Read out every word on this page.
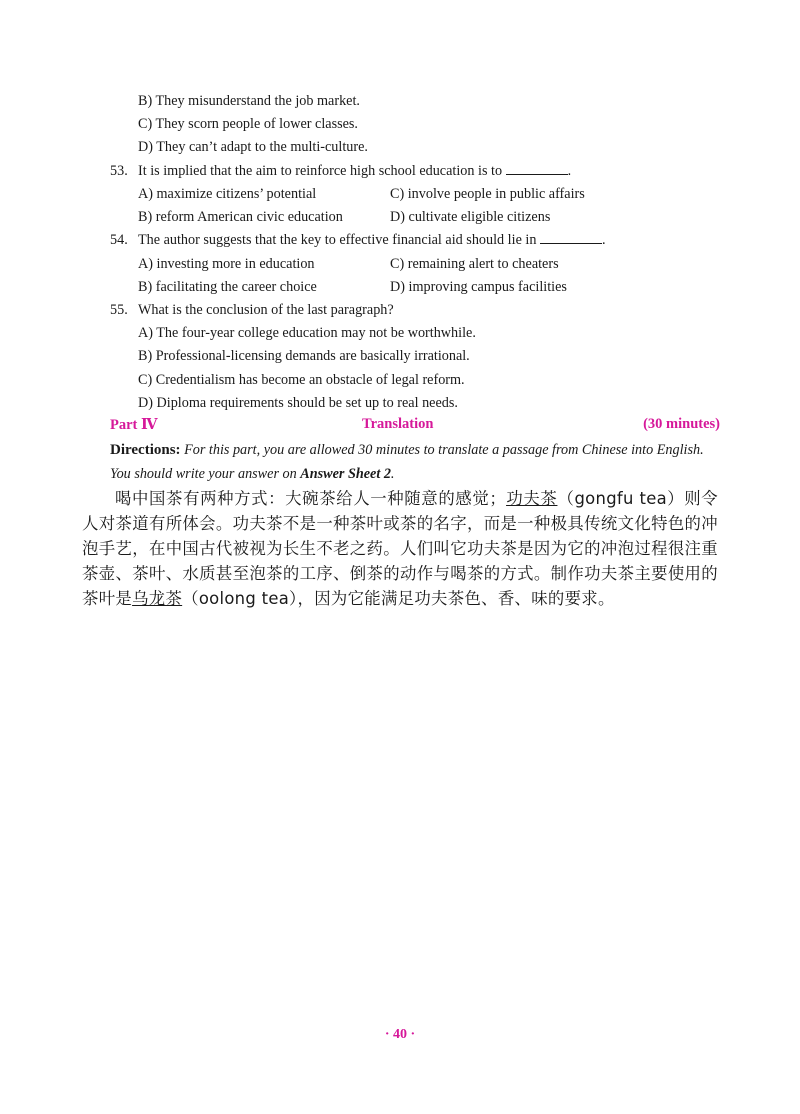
B) They misunderstand the job market.
C) They scorn people of lower classes.
D) They can’t adapt to the multi-culture.
53. It is implied that the aim to reinforce high school education is to	.
A) maximize citizens’ potential	C) involve people in public affairs
B) reform American civic education	D) cultivate eligible citizens
54. The author suggests that the key to effective financial aid should lie in	.
A) investing more in education	C) remaining alert to cheaters
B) facilitating the career choice	D) improving campus facilities
55. What is the conclusion of the last paragraph?
A) The four-year college education may not be worthwhile.
B) Professional-licensing demands are basically irrational.
C) Credentialism has become an obstacle of legal reform.
D) Diploma requirements should be set up to real needs.
Part Ⅳ	Translation	(30 minutes)
Directions: For this part, you are allowed 30 minutes to translate a passage from Chinese into English. You should write your answer on Answer Sheet 2.

喝中国茶有两种方式：大碗茶给人一种随意的感觉；功夫茶（gongfu tea）则令人对茶道有所体会。功夫茶不是一种茶叶或茶的名字，而是一种极具传统文化特色的冲泡手艺，在中国古代被视为长生不老之药。人们叫它功夫茶是因为它的冲泡过程很注重茶壶、茶叶、水质甚至泡茶的工序、倒茶的动作与喝茶的方式。制作功夫茶主要使用的茶叶是乌龙茶（oolong tea），因为它能满足功夫茶色、香、味的要求。

· 40 ·
